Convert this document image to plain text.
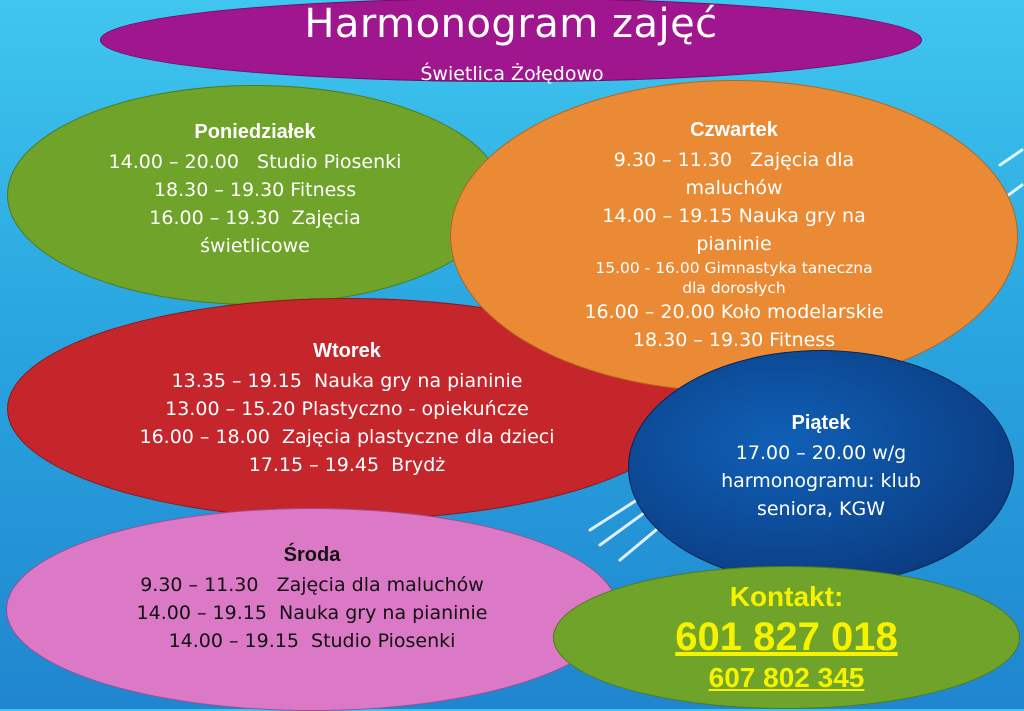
Harmonogram zajęć
Świetlica Żołędowo
Poniedziałek
14.00 – 20.00   Studio Piosenki
18.30 – 19.30 Fitness
16.00 – 19.30  Zajęcia
świetlicowe
Wtorek
13.35 – 19.15  Nauka gry na pianinie
13.00 – 15.20 Plastyczno - opiekuńcze
16.00 – 18.00  Zajęcia plastyczne dla dzieci
17.15 – 19.45  Brydż
Czwartek
9.30 – 11.30   Zajęcia dla
maluchów
14.00 – 19.15 Nauka gry na
pianinie
15.00 - 16.00 Gimnastyka taneczna
dla dorosłych
16.00 – 20.00 Koło modelarskie
18.30 – 19.30 Fitness
Piątek
17.00 – 20.00 w/g
harmonogramu: klub
seniora, KGW
Środa
9.30 – 11.30   Zajęcia dla maluchów
14.00 – 19.15  Nauka gry na pianinie
14.00 – 19.15  Studio Piosenki
Kontakt:
601 827 018
607 802 345
